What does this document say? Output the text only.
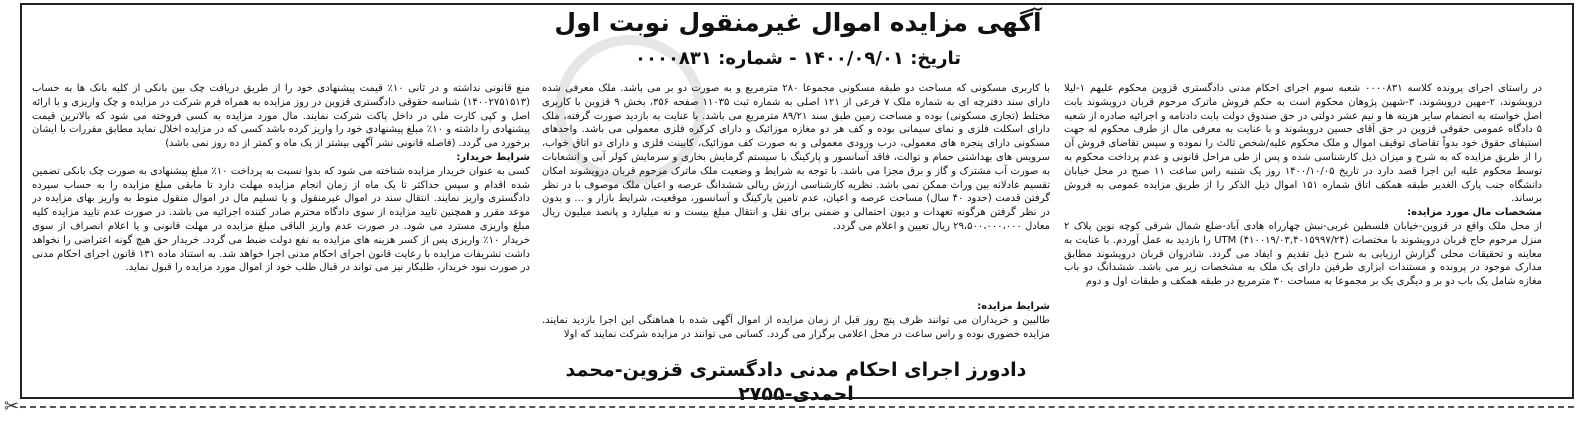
آگهی مزایده اموال غیرمنقول نوبت اول
تاریخ: ۱۴۰۰/۰۹/۰۱ - شماره: ۰۰۰۰۸۳۱

در راستای اجرای پرونده کلاسه ۰۰۰۰۸۳۱ شعبه سوم اجرای احکام مدنی دادگستری قزوین محکوم علیهم ۱-لیلا درویشوند، ۲-مهین درویشوند، ۳-شهین پژوهان محکوم است به حکم فروش ماترک مرحوم قربان درویشوند بابت اصل خواسته به انضمام سایر هزینه ها و نیم عشر دولتی در حق صندوق دولت بابت دادنامه و اجرائیه صادره از شعبه ۵ دادگاه عمومی حقوقی قزوین در حق آقای حسین درویشوند و با عنایت به معرفی مال از طرف محکوم له جهت استیفای حقوق خود بدواً تقاضای توقیف اموال و ملک محکوم علیه/شخص ثالث را نموده و سپس تقاضای فروش آن را از طریق مزایده که به شرح و میزان ذیل کارشناسی شده و پس از طی مراحل قانونی و عدم پرداخت محکوم به توسط محکوم علیه این اجرا قصد دارد در تاریخ ۱۴۰۰/۱۰/۰۵ روز یک شنبه راس ساعت ۱۱ صبح در محل خیابان دانشگاه جنب پارک الغدیر طبقه همکف اتاق شماره ۱۵۱ اموال ذیل الذکر را از طریق مزایده عمومی به فروش برساند.

مشخصات مال مورد مزایده:

از محل ملک واقع در قزوین-خیابان فلسطین غربی-نبش چهارراه هادی آباد-ضلع شمال شرقی کوچه نوین پلاک ۲ منزل مرحوم حاج قربان درویشوند با مختصات (۴۱۰۰۱۹/۰۳,۴۰۱۵۹۹۷/۲۴) UTM را بازدید به عمل آوردم. با عنایت به معاینه و تحقیقات محلی گزارش ارزیابی به شرح ذیل تقدیم و ایفاد می گردد. شادروان قربان درویشوند مطابق مدارک موجود در پرونده و مستندات ابزاری طرفین دارای یک ملک به مشخصات زیر می باشد. ششدانگ دو باب مغازه شامل یک باب دو بر و دیگری یک بر مجموعا به مساحت ۳۰ مترمربع در طبقه همکف و طبقات اول و دوم

با کاربری مسکونی که مساحت دو طبقه مسکونی مجموعا ۲۸۰ مترمربع و به صورت دو بر می باشد. ملک معرفی شده دارای سند دفترچه ای به شماره ملک ۷ فرعی از ۱۲۱ اصلی به شماره ثبت ۱۱۰۳۵ صفحه ۳۵۶، بخش ۹ قزوین با کاربری مختلط (تجاری مسکونی) بوده و مساحت زمین طبق سند ۸۹/۲۱ مترمربع می باشد. با عنایت به بازدید صورت گرفته، ملک دارای اسکلت فلزی و نمای سیمانی بوده و کف هر دو مغازه موزائیک و دارای کرکره فلزی معمولی می باشد. واحدهای مسکونی دارای پنجره های معمولی، درب ورودی معمولی و به صورت کف موزائیک، کابینت فلزی و دارای دو اتاق خواب، سرویس های بهداشتی حمام و توالت، فاقد آسانسور و پارکینگ با سیستم گرمایش بخاری و سرمایش کولر آبی و انشعابات به صورت آب مشترک و گاز و برق مجزا می باشد. با توجه به شرایط و وضعیت ملک ماترک مرحوم قربان درویشوند امکان تقسیم عادلانه بین وراث ممکن نمی باشد. نظریه کارشناسی ارزش ریالی ششدانگ عرصه و اعیان ملک موصوف با در نظر گرفتن قدمت (حدود ۴۰ سال) مساحت عرصه و اعیان، عدم تامین پارکینگ و آسانسور، موقعیت، شرایط بازار و ... و بدون در نظر گرفتن هرگونه تعهدات و دیون احتمالی و ضمنی برای نقل و انتقال مبلغ بیست و نه میلیارد و پانصد میلیون ریال معادل ۲۹،۵۰۰،۰۰۰،۰۰۰ ریال تعیین و اعلام می گردد.

شرایط مزایده:

طالبین و خریداران می توانند ظرف پنج روز قبل از زمان مزایده از اموال آگهی شده با هماهنگی این اجرا بازدید نمایند. مزایده حضوری بوده و راس ساعت در محل اعلامی برگزار می گردد. کسانی می توانند در مزایده شرکت نمایند که اولا

دادورز اجرای احکام مدنی دادگستری قزوین-محمد احمدی-۲۷۵۵

منع قانونی نداشته و در ثانی ۱۰٪ قیمت پیشنهادی خود را از طریق دریافت چک بین بانکی از کلیه بانک ها به حساب (۱۴۰۰۲۷۵۱۵۱۳) شناسه حقوقی دادگستری قزوین در روز مزایده به همراه فرم شرکت در مزایده و چک واریزی و با ارائه اصل و کپی کارت ملی در داخل پاکت شرکت نمایند. مال مورد مزایده به کسی فروخته می شود که بالاترین قیمت پیشنهادی را داشته و ۱۰٪ مبلغ پیشنهادی خود را واریز کرده باشد کسی که در مزایده اخلال نماید مطابق مقررات با ایشان برخورد می گردد. (فاصله قانونی نشر آگهی بیشتر از یک ماه و کمتر از ده روز نمی باشد)

شرایط خریدار:

کسی به عنوان خریدار مزایده شناخته می شود که بدوا نسبت به پرداخت ۱۰٪ مبلغ پیشنهادی به صورت چک بانکی تضمین شده اقدام و سپس حداکثر تا یک ماه از زمان انجام مزایده مهلت دارد تا مابقی مبلغ مزایده را به حساب سپرده دادگستری واریز نمایند. انتقال سند در اموال غیرمنقول و یا تسلیم مال در اموال منقول منوط به واریز بهای مزایده در موعد مقرر و همچنین تایید مزایده از سوی دادگاه محترم صادر کننده اجرائیه می باشد. در صورت عدم تایید مزایده کلیه مبلغ واریزی مسترد می شود. در صورت عدم واریز الباقی مبلغ مزایده در مهلت قانونی و یا اعلام انصراف از سوی خریدار ۱۰٪ واریزی پس از کسر هزینه های مزایده به نفع دولت ضبط می گردد. خریدار حق هیچ گونه اعتراضی را نخواهد داشت تشریفات مزایده با رعایت قانون اجرای احکام مدنی اجرا خواهد شد. به استناد ماده ۱۳۱ قانون اجرای احکام مدنی در صورت نبود خریدار، طلبکار نیز می تواند در قبال طلب خود از اموال مورد مزایده را قبول نماید.

✂
